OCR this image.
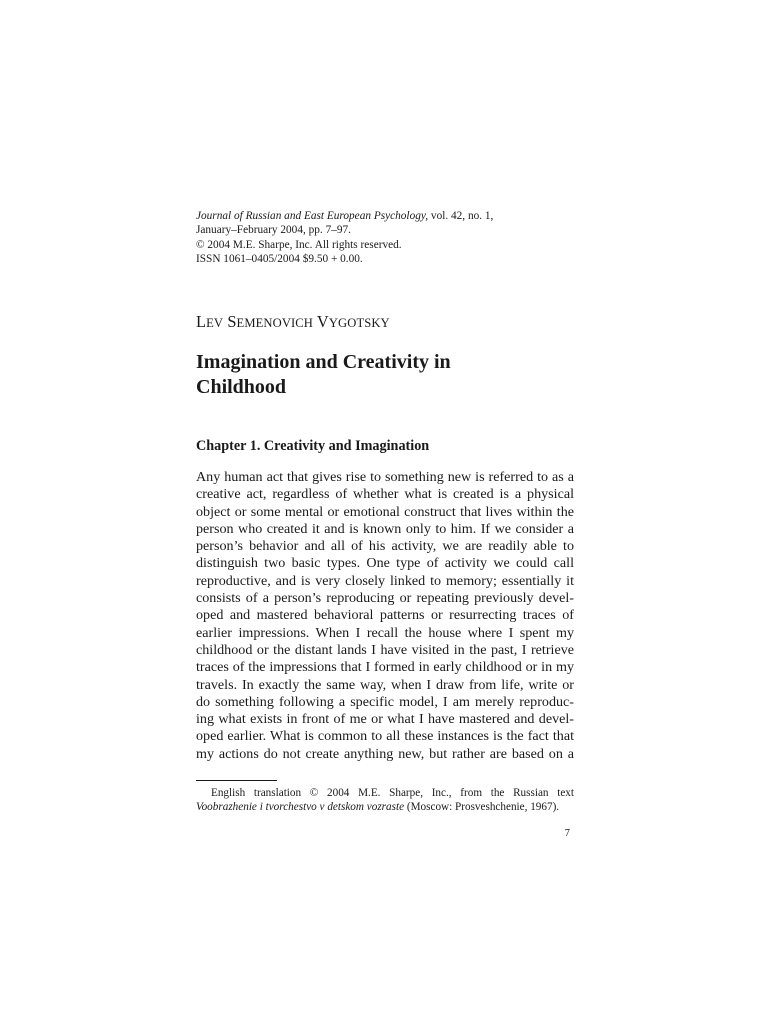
Journal of Russian and East European Psychology, vol. 42, no. 1,
January–February 2004, pp. 7–97.
© 2004 M.E. Sharpe, Inc. All rights reserved.
ISSN 1061–0405/2004 $9.50 + 0.00.
LEV SEMENOVICH VYGOTSKY
Imagination and Creativity in
Childhood
Chapter 1. Creativity and Imagination
Any human act that gives rise to something new is referred to as a
creative act, regardless of whether what is created is a physical
object or some mental or emotional construct that lives within the
person who created it and is known only to him. If we consider a
person’s behavior and all of his activity, we are readily able to
distinguish two basic types. One type of activity we could call
reproductive, and is very closely linked to memory; essentially it
consists of a person’s reproducing or repeating previously devel-
oped and mastered behavioral patterns or resurrecting traces of
earlier impressions. When I recall the house where I spent my
childhood or the distant lands I have visited in the past, I retrieve
traces of the impressions that I formed in early childhood or in my
travels. In exactly the same way, when I draw from life, write or
do something following a specific model, I am merely reproduc-
ing what exists in front of me or what I have mastered and devel-
oped earlier. What is common to all these instances is the fact that
my actions do not create anything new, but rather are based on a
English translation © 2004 M.E. Sharpe, Inc., from the Russian text
Voobrazhenie i tvorchestvo v detskom vozraste (Moscow: Prosveshchenie, 1967).
7
